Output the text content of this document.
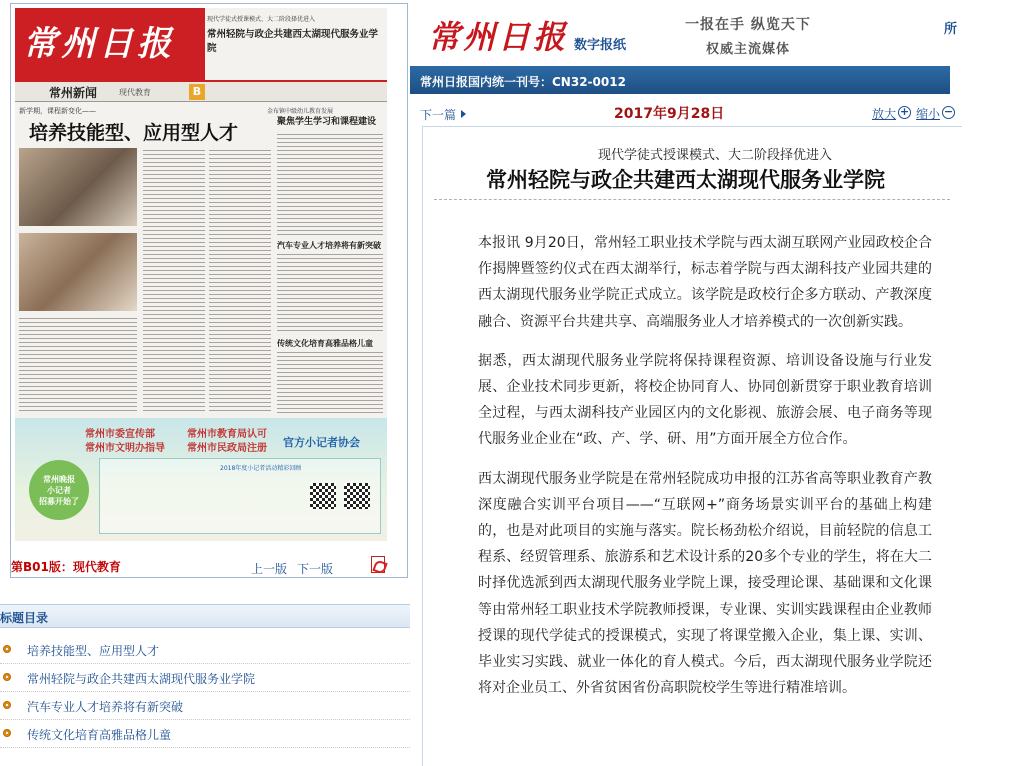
常州日报
现代学徒式授课模式、大二阶段择优进入
常州轻院与政企共建西太湖现代服务业学院
常州新闻	现代教育	B
新学期，课程新变化——
培养技能型、应用型人才
金布镇中级幼儿教育发展
聚焦学生学习和课程建设
汽车专业人才培养将有新突破
传统文化培育高雅品格儿童
常州市委宣传部
常州市文明办指导
常州市教育局认可
常州市民政局注册 官方小记者协会
常州晚报
小记者
招募开始了
2018年度小记者活动精彩回顾
第B01版：现代教育	上一版 下一版
标题目录
培养技能型、应用型人才
常州轻院与政企共建西太湖现代服务业学院
汽车专业人才培养将有新突破
传统文化培育高雅品格儿童
常州日报 数字报纸
一报在手 纵览天下
权威主流媒体
所
常州日报国内统一刊号：CN32-0012
下一篇	2017年9月28日	放大 + 缩小 −
现代学徒式授课模式、大二阶段择优进入
常州轻院与政企共建西太湖现代服务业学院

本报讯 9月20日，常州轻工职业技术学院与西太湖互联网产业园政校企合作揭牌暨签约仪式在西太湖举行，标志着学院与西太湖科技产业园共建的西太湖现代服务业学院正式成立。该学院是政校行企多方联动、产教深度融合、资源平台共建共享、高端服务业人才培养模式的一次创新实践。

据悉，西太湖现代服务业学院将保持课程资源、培训设备设施与行业发展、企业技术同步更新，将校企协同育人、协同创新贯穿于职业教育培训全过程，与西太湖科技产业园区内的文化影视、旅游会展、电子商务等现代服务业企业在“政、产、学、研、用”方面开展全方位合作。

西太湖现代服务业学院是在常州轻院成功申报的江苏省高等职业教育产教深度融合实训平台项目——“互联网+”商务场景实训平台的基础上构建的，也是对此项目的实施与落实。院长杨劲松介绍说，目前轻院的信息工程系、经贸管理系、旅游系和艺术设计系的20多个专业的学生，将在大二时择优选派到西太湖现代服务业学院上课，接受理论课、基础课和文化课等由常州轻工职业技术学院教师授课，专业课、实训实践课程由企业教师授课的现代学徒式的授课模式，实现了将课堂搬入企业，集上课、实训、毕业实习实践、就业一体化的育人模式。今后，西太湖现代服务业学院还将对企业员工、外省贫困省份高职院校学生等进行精准培训。
